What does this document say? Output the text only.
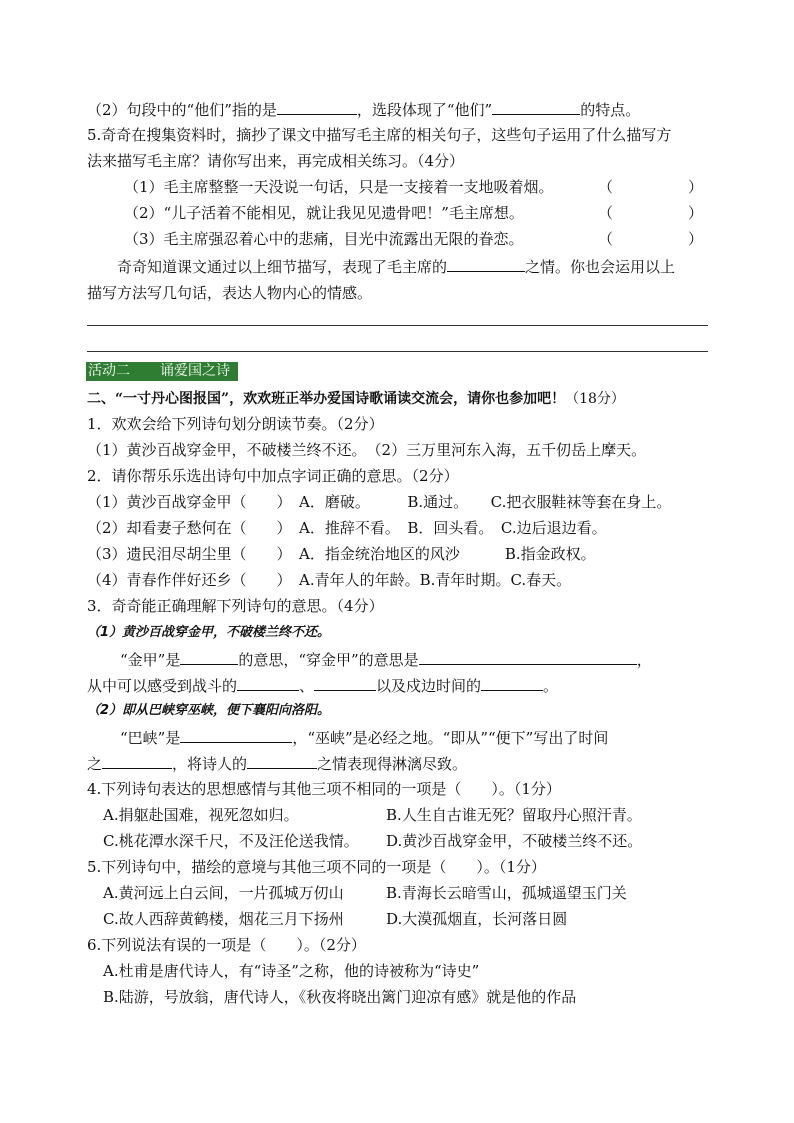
（2）句段中的“他们”指的是	，选段体现了“他们”	的特点。
5.奇奇在搜集资料时，摘抄了课文中描写毛主席的相关句子，这些句子运用了什么描写方
法来描写毛主席？请你写出来，再完成相关练习。（4分）
（1）毛主席整整一天没说一句话，只是一支接着一支地吸着烟。	（　　　　　）
（2）“儿子活着不能相见，就让我见见遗骨吧！”毛主席想。	（　　　　　）
（3）毛主席强忍着心中的悲痛，目光中流露出无限的眷恋。	（　　　　　）
奇奇知道课文通过以上细节描写，表现了毛主席的	之情。你也会运用以上
描写方法写几句话，表达人物内心的情感。
活动二 诵爱国之诗
二、“一寸丹心图报国”，欢欢班正举办爱国诗歌诵读交流会，请你也参加吧！（18分）
1．欢欢会给下列诗句划分朗读节奏。（2分）
（1）黄沙百战穿金甲，不破楼兰终不还。　（2）三万里河东入海，五千仞岳上摩天。
2．请你帮乐乐选出诗句中加点字词正确的意思。（2分）
（1）黄沙百战穿金甲（　　）　A．磨破。　　　B.通过。　　C.把衣服鞋袜等套在身上。
（2）却看妻子愁何在（　　）　A．推辞不看。　B．回头看。　C.边后退边看。
（3）遗民泪尽胡尘里（　　）　A．指金统治地区的风沙　　　B.指金政权。
（4）青春作伴好还乡（　　）　A.青年人的年龄。B.青年时期。C.春天。
3．奇奇能正确理解下列诗句的意思。（4分）
（1）黄沙百战穿金甲，不破楼兰终不还。
“金甲”是	的意思，“穿金甲”的意思是	，
从中可以感受到战斗的	、	以及戍边时间的	。
（2）即从巴峡穿巫峡，便下襄阳向洛阳。
“巴峡”是	，“巫峡”是必经之地。“即从”“便下”写出了时间
之	，将诗人的	之情表现得淋漓尽致。
4.下列诗句表达的思想感情与其他三项不相同的一项是（　　）。（1分）
A.捐躯赴国难，视死忽如归。	B.人生自古谁无死？留取丹心照汗青。
C.桃花潭水深千尺，不及汪伦送我情。 D.黄沙百战穿金甲，不破楼兰终不还。
5.下列诗句中，描绘的意境与其他三项不同的一项是（　　）。（1分）
A.黄河远上白云间，一片孤城万仞山	B.青海长云暗雪山，孤城遥望玉门关
C.故人西辞黄鹤楼，烟花三月下扬州	D.大漠孤烟直，长河落日圆
6.下列说法有误的一项是（　　）。（2分）
A.杜甫是唐代诗人，有“诗圣”之称，他的诗被称为“诗史”
B.陆游，号放翁，唐代诗人，《秋夜将晓出篱门迎凉有感》就是他的作品
